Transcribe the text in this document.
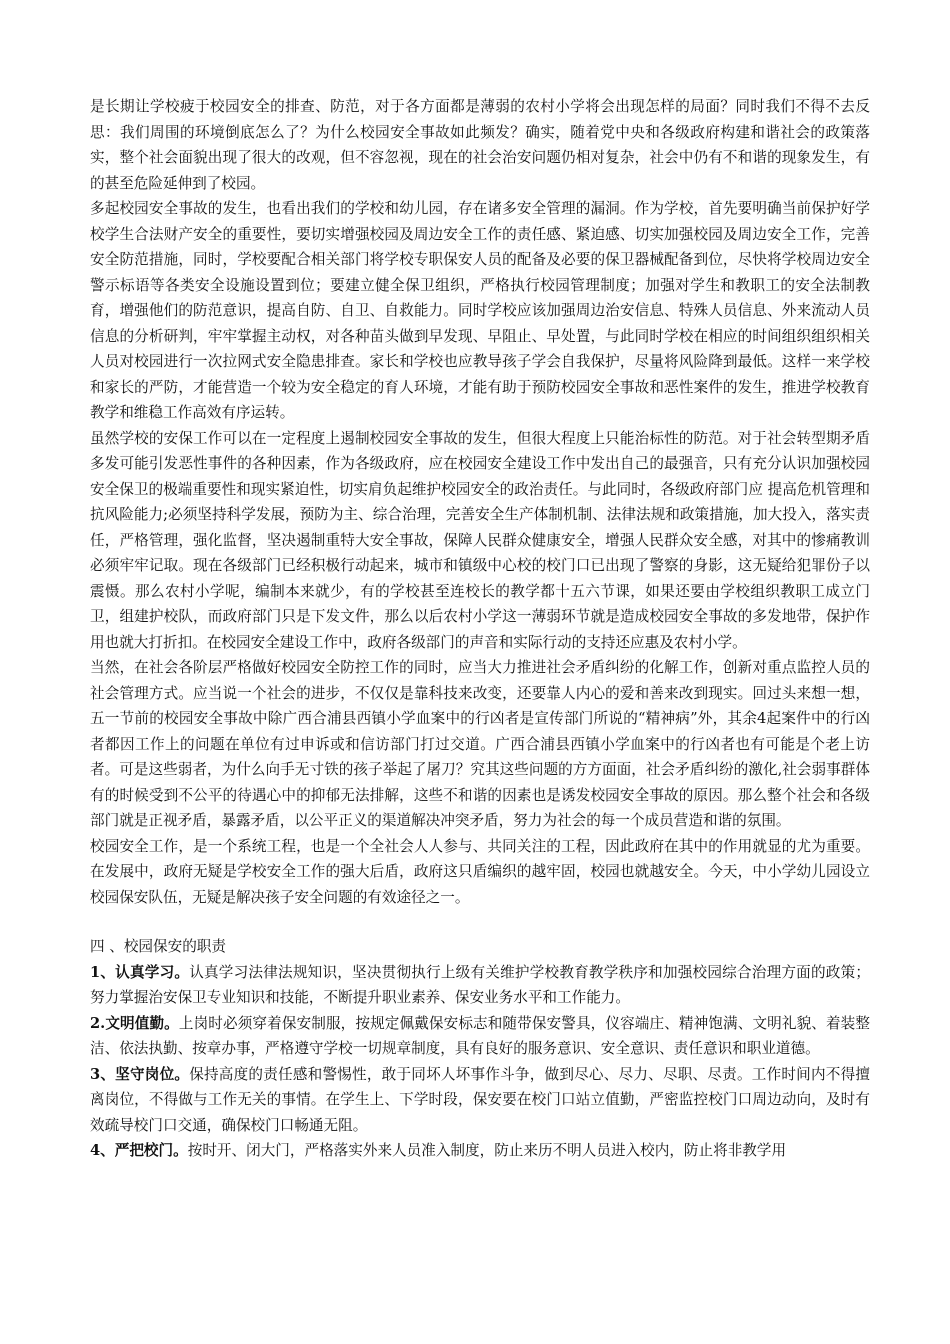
是长期让学校疲于校园安全的排查、防范，对于各方面都是薄弱的农村小学将会出现怎样的局面？同时我们不得不去反思：我们周围的环境倒底怎么了？为什么校园安全事故如此频发？确实，随着党中央和各级政府构建和谐社会的政策落实，整个社会面貌出现了很大的改观，但不容忽视，现在的社会治安问题仍相对复杂，社会中仍有不和谐的现象发生，有的甚至危险延伸到了校园。

多起校园安全事故的发生，也看出我们的学校和幼儿园，存在诸多安全管理的漏洞。作为学校，首先要明确当前保护好学校学生合法财产安全的重要性，要切实增强校园及周边安全工作的责任感、紧迫感、切实加强校园及周边安全工作，完善安全防范措施，同时，学校要配合相关部门将学校专职保安人员的配备及必要的保卫器械配备到位，尽快将学校周边安全警示标语等各类安全设施设置到位；要建立健全保卫组织，严格执行校园管理制度；加强对学生和教职工的安全法制教育，增强他们的防范意识，提高自防、自卫、自救能力。同时学校应该加强周边治安信息、特殊人员信息、外来流动人员信息的分析研判，牢牢掌握主动权，对各种苗头做到早发现、早阻止、早处置，与此同时学校在相应的时间组织组织相关人员对校园进行一次拉网式安全隐患排查。家长和学校也应教导孩子学会自我保护，尽量将风险降到最低。这样一来学校和家长的严防，才能营造一个较为安全稳定的育人环境，才能有助于预防校园安全事故和恶性案件的发生，推进学校教育教学和维稳工作高效有序运转。

虽然学校的安保工作可以在一定程度上遏制校园安全事故的发生，但很大程度上只能治标性的防范。对于社会转型期矛盾多发可能引发恶性事件的各种因素，作为各级政府，应在校园安全建设工作中发出自己的最强音，只有充分认识加强校园安全保卫的极端重要性和现实紧迫性，切实肩负起维护校园安全的政治责任。与此同时，各级政府部门应 提高危机管理和抗风险能力;必须坚持科学发展，预防为主、综合治理，完善安全生产体制机制、法律法规和政策措施，加大投入，落实责任，严格管理，强化监督，坚决遏制重特大安全事故，保障人民群众健康安全，增强人民群众安全感，对其中的惨痛教训必须牢牢记取。现在各级部门已经积极行动起来，城市和镇级中心校的校门口已出现了警察的身影，这无疑给犯罪份子以震慑。那么农村小学呢，编制本来就少，有的学校甚至连校长的教学都十五六节课，如果还要由学校组织教职工成立门卫，组建护校队，而政府部门只是下发文件，那么以后农村小学这一薄弱环节就是造成校园安全事故的多发地带，保护作用也就大打折扣。在校园安全建设工作中，政府各级部门的声音和实际行动的支持还应惠及农村小学。

当然，在社会各阶层严格做好校园安全防控工作的同时，应当大力推进社会矛盾纠纷的化解工作，创新对重点监控人员的社会管理方式。应当说一个社会的进步，不仅仅是靠科技来改变，还要靠人内心的爱和善来改到现实。回过头来想一想，五一节前的校园安全事故中除广西合浦县西镇小学血案中的行凶者是宣传部门所说的“精神病”外，其余4起案件中的行凶者都因工作上的问题在单位有过申诉或和信访部门打过交道。广西合浦县西镇小学血案中的行凶者也有可能是个老上访者。可是这些弱者，为什么向手无寸铁的孩子举起了屠刀？究其这些问题的方方面面，社会矛盾纠纷的激化,社会弱事群体有的时候受到不公平的待遇心中的抑郁无法排解，这些不和谐的因素也是诱发校园安全事故的原因。那么整个社会和各级部门就是正视矛盾，暴露矛盾，以公平正义的渠道解决冲突矛盾，努力为社会的每一个成员营造和谐的氛围。

校园安全工作，是一个系统工程，也是一个全社会人人参与、共同关注的工程，因此政府在其中的作用就显的尤为重要。在发展中，政府无疑是学校安全工作的强大后盾，政府这只盾编织的越牢固，校园也就越安全。今天，中小学幼儿园设立校园保安队伍，无疑是解决孩子安全问题的有效途径之一。

四 、校园保安的职责

1、认真学习。认真学习法律法规知识，坚决贯彻执行上级有关维护学校教育教学秩序和加强校园综合治理方面的政策；努力掌握治安保卫专业知识和技能，不断提升职业素养、保安业务水平和工作能力。

2.文明值勤。上岗时必须穿着保安制服，按规定佩戴保安标志和随带保安警具，仪容端庄、精神饱满、文明礼貌、着装整洁、依法执勤、按章办事，严格遵守学校一切规章制度，具有良好的服务意识、安全意识、责任意识和职业道德。

3、坚守岗位。保持高度的责任感和警惕性，敢于同坏人坏事作斗争，做到尽心、尽力、尽职、尽责。工作时间内不得擅离岗位，不得做与工作无关的事情。在学生上、下学时段，保安要在校门口站立值勤，严密监控校门口周边动向，及时有效疏导校门口交通，确保校门口畅通无阻。

4、严把校门。按时开、闭大门，严格落实外来人员准入制度，防止来历不明人员进入校内，防止将非教学用
